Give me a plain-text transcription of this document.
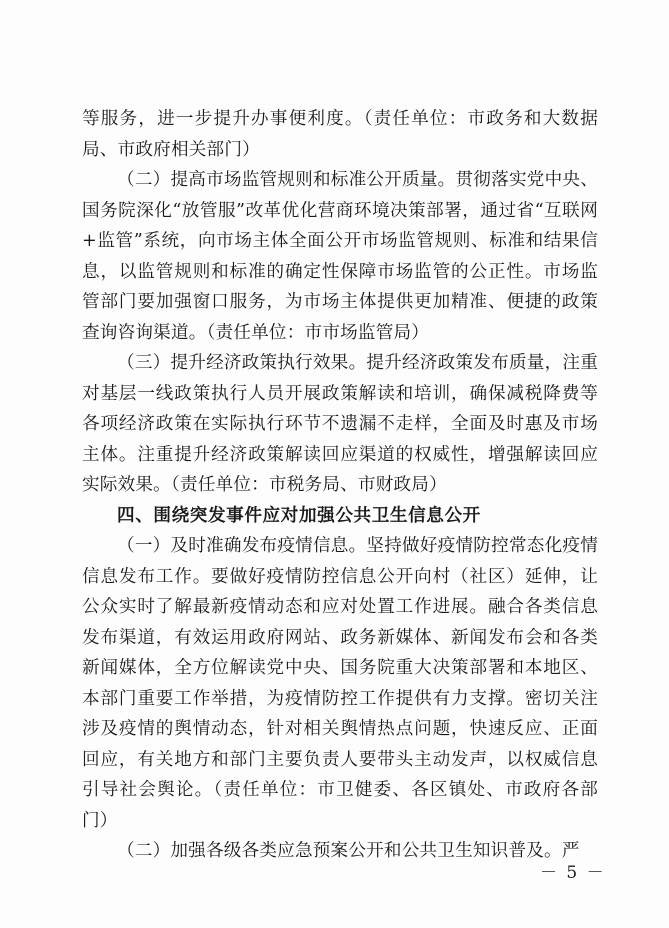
等服务，进一步提升办事便利度。（责任单位：市政务和大数据局、市政府相关部门）

（二）提高市场监管规则和标准公开质量。贯彻落实党中央、国务院深化“放管服”改革优化营商环境决策部署，通过省“互联网+监管”系统，向市场主体全面公开市场监管规则、标准和结果信息，以监管规则和标准的确定性保障市场监管的公正性。市场监管部门要加强窗口服务，为市场主体提供更加精准、便捷的政策查询咨询渠道。（责任单位：市市场监管局）

（三）提升经济政策执行效果。提升经济政策发布质量，注重对基层一线政策执行人员开展政策解读和培训，确保减税降费等各项经济政策在实际执行环节不遗漏不走样，全面及时惠及市场主体。注重提升经济政策解读回应渠道的权威性，增强解读回应实际效果。（责任单位：市税务局、市财政局）

四、围绕突发事件应对加强公共卫生信息公开

（一）及时准确发布疫情信息。坚持做好疫情防控常态化疫情信息发布工作。要做好疫情防控信息公开向村（社区）延伸，让公众实时了解最新疫情动态和应对处置工作进展。融合各类信息发布渠道，有效运用政府网站、政务新媒体、新闻发布会和各类新闻媒体，全方位解读党中央、国务院重大决策部署和本地区、本部门重要工作举措，为疫情防控工作提供有力支撑。密切关注涉及疫情的舆情动态，针对相关舆情热点问题，快速反应、正面回应，有关地方和部门主要负责人要带头主动发声，以权威信息引导社会舆论。（责任单位：市卫健委、各区镇处、市政府各部门）

（二）加强各级各类应急预案公开和公共卫生知识普及。严

－ 5 －
